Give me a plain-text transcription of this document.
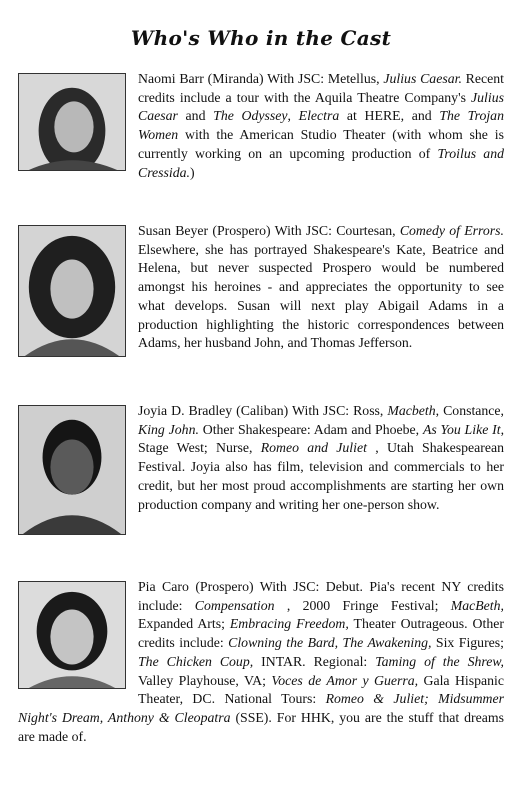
Who's Who in the Cast

Naomi Barr (Miranda) With JSC: Metellus, Julius Caesar. Recent credits include a tour with the Aquila Theatre Company's Julius Caesar and The Odyssey, Electra at HERE, and The Trojan Women with the American Studio Theater (with whom she is currently working on an upcoming production of Troilus and Cressida.)

Susan Beyer (Prospero) With JSC: Courtesan, Comedy of Errors. Elsewhere, she has portrayed Shakespeare's Kate, Beatrice and Helena, but never suspected Prospero would be numbered amongst his heroines - and appreciates the opportunity to see what develops. Susan will next play Abigail Adams in a production highlighting the historic correspondences between Adams, her husband John, and Thomas Jefferson.

Joyia D. Bradley (Caliban) With JSC: Ross, Macbeth, Constance, King John. Other Shakespeare: Adam and Phoebe, As You Like It, Stage West; Nurse, Romeo and Juliet , Utah Shakespearean Festival. Joyia also has film, television and commercials to her credit, but her most proud accomplishments are starting her own production company and writing her one-person show.

Pia Caro (Prospero) With JSC: Debut. Pia's recent NY credits include: Compensation , 2000 Fringe Festival; MacBeth, Expanded Arts; Embracing Freedom, Theater Outrageous. Other credits include: Clowning the Bard, The Awakening, Six Figures; The Chicken Coup, INTAR. Regional: Taming of the Shrew, Valley Playhouse, VA; Voces de Amor y Guerra, Gala Hispanic Theater, DC. National Tours: Romeo & Juliet; Midsummer Night's Dream, Anthony & Cleopatra (SSE). For HHK, you are the stuff that dreams are made of.
